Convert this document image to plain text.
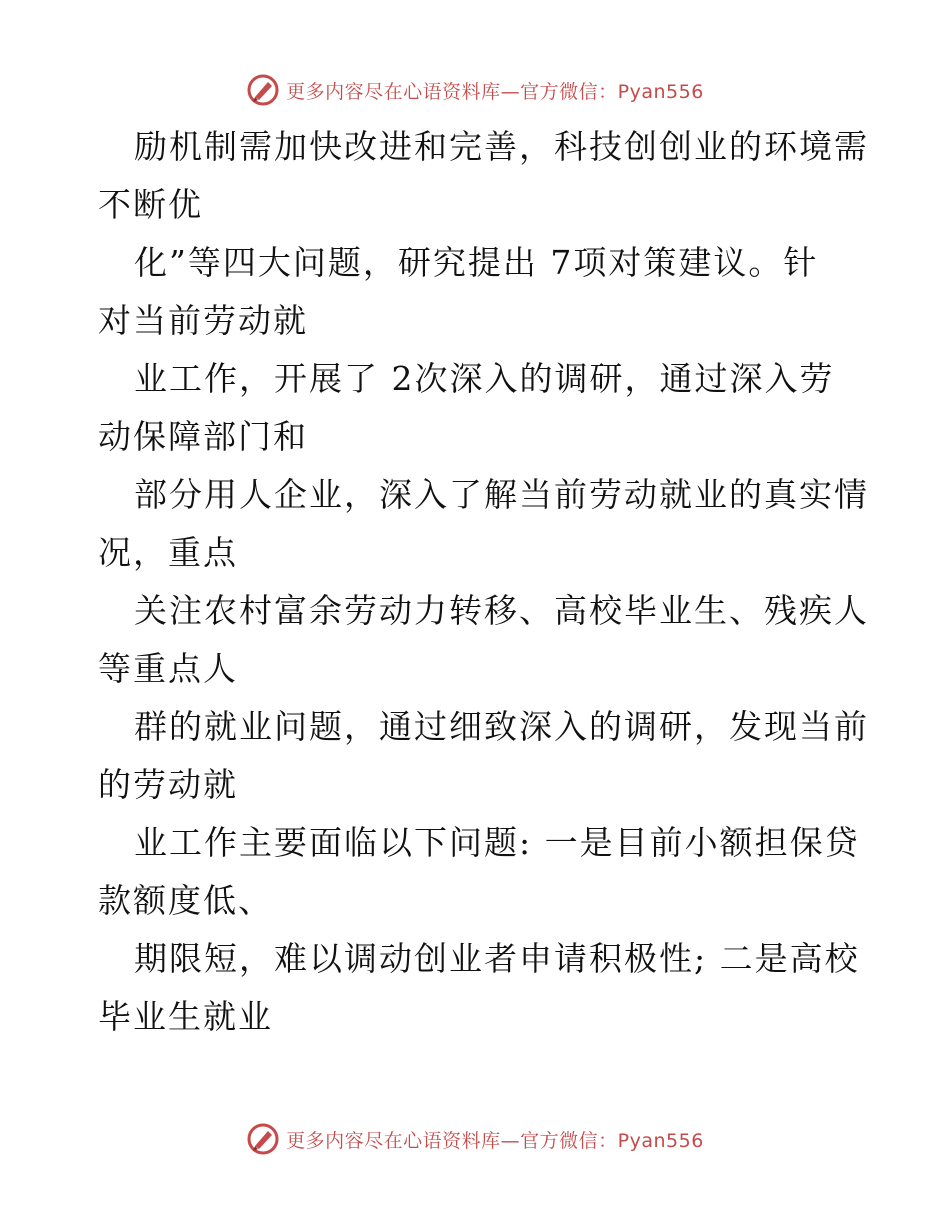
更多内容尽在心语资料库—官方微信：Pyan556
励机制需加快改进和完善，科技创创业的环境需
不断优
化”等四大问题，研究提出 7项对策建议。针
对当前劳动就
业工作，开展了 2次深入的调研，通过深入劳
动保障部门和
部分用人企业，深入了解当前劳动就业的真实情
况，重点
关注农村富余劳动力转移、高校毕业生、残疾人
等重点人
群的就业问题，通过细致深入的调研，发现当前
的劳动就
业工作主要面临以下问题: 一是目前小额担保贷
款额度低、
期限短，难以调动创业者申请积极性; 二是高校
毕业生就业
更多内容尽在心语资料库—官方微信：Pyan556
